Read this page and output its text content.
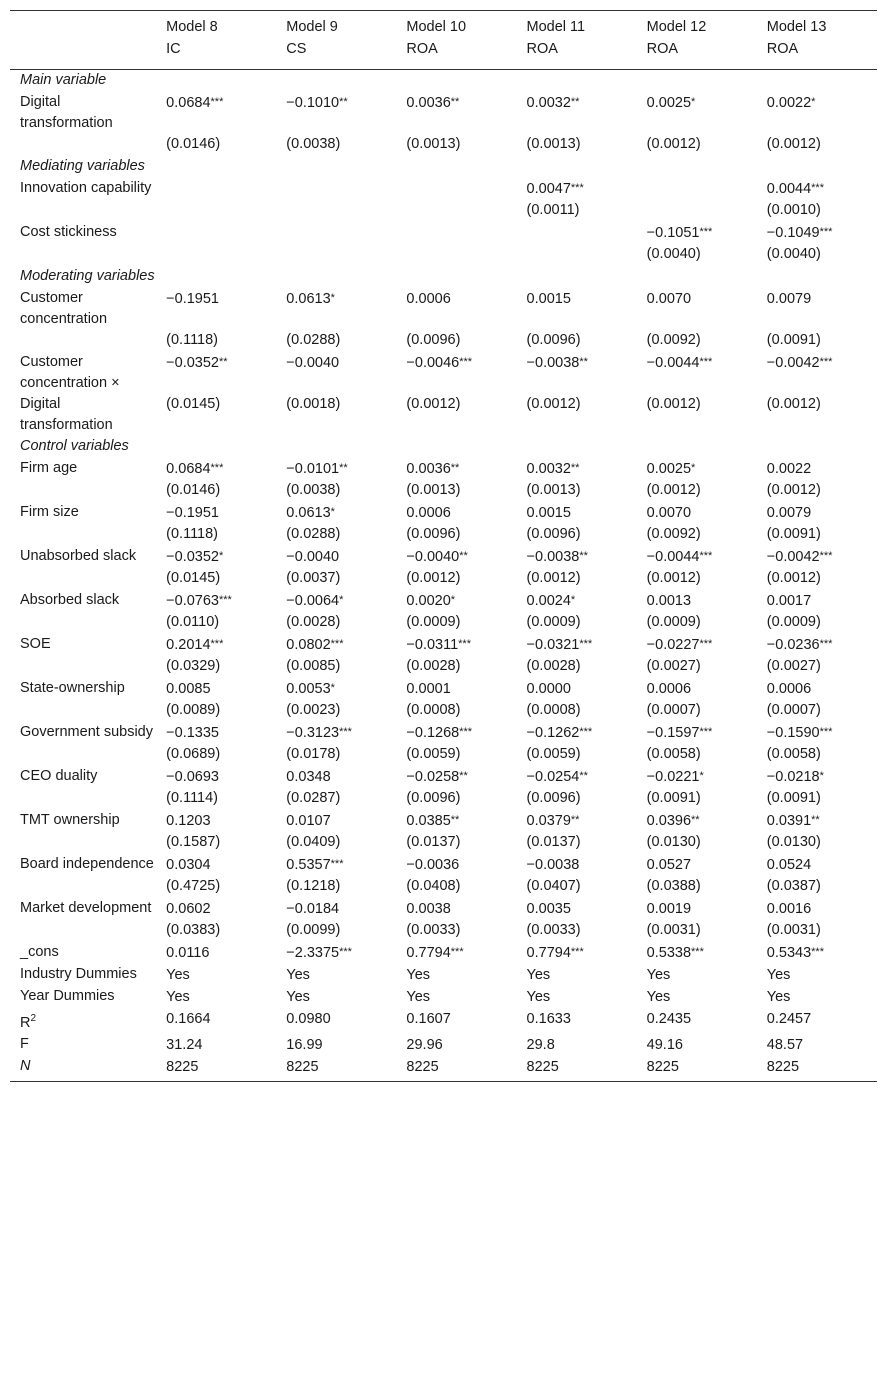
	Model 8	Model 9	Model 10	Model 11	Model 12	Model 13
	IC	CS	ROA	ROA	ROA	ROA
Main variable						
Digital transformation	0.0684***	−0.1010**	0.0036**	0.0032**	0.0025*	0.0022*
	(0.0146)	(0.0038)	(0.0013)	(0.0013)	(0.0012)	(0.0012)
Mediating variables						
Innovation capability				0.0047***		0.0044***
				(0.0011)		(0.0010)
Cost stickiness					−0.1051***	−0.1049***
					(0.0040)	(0.0040)
Moderating variables						
Customer concentration	−0.1951	0.0613*	0.0006	0.0015	0.0070	0.0079
	(0.1118)	(0.0288)	(0.0096)	(0.0096)	(0.0092)	(0.0091)
Customer concentration ×	−0.0352**	−0.0040	−0.0046***	−0.0038**	−0.0044***	−0.0042***
Digital transformation	(0.0145)	(0.0018)	(0.0012)	(0.0012)	(0.0012)	(0.0012)
Control variables						
Firm age	0.0684***	−0.0101**	0.0036**	0.0032**	0.0025*	0.0022
	(0.0146)	(0.0038)	(0.0013)	(0.0013)	(0.0012)	(0.0012)
Firm size	−0.1951	0.0613*	0.0006	0.0015	0.0070	0.0079
	(0.1118)	(0.0288)	(0.0096)	(0.0096)	(0.0092)	(0.0091)
Unabsorbed slack	−0.0352*	−0.0040	−0.0040**	−0.0038**	−0.0044***	−0.0042***
	(0.0145)	(0.0037)	(0.0012)	(0.0012)	(0.0012)	(0.0012)
Absorbed slack	−0.0763***	−0.0064*	0.0020*	0.0024*	0.0013	0.0017
	(0.0110)	(0.0028)	(0.0009)	(0.0009)	(0.0009)	(0.0009)
SOE	0.2014***	0.0802***	−0.0311***	−0.0321***	−0.0227***	−0.0236***
	(0.0329)	(0.0085)	(0.0028)	(0.0028)	(0.0027)	(0.0027)
State-ownership	0.0085	0.0053*	0.0001	0.0000	0.0006	0.0006
	(0.0089)	(0.0023)	(0.0008)	(0.0008)	(0.0007)	(0.0007)
Government subsidy	−0.1335	−0.3123***	−0.1268***	−0.1262***	−0.1597***	−0.1590***
	(0.0689)	(0.0178)	(0.0059)	(0.0059)	(0.0058)	(0.0058)
CEO duality	−0.0693	0.0348	−0.0258**	−0.0254**	−0.0221*	−0.0218*
	(0.1114)	(0.0287)	(0.0096)	(0.0096)	(0.0091)	(0.0091)
TMT ownership	0.1203	0.0107	0.0385**	0.0379**	0.0396**	0.0391**
	(0.1587)	(0.0409)	(0.0137)	(0.0137)	(0.0130)	(0.0130)
Board independence	0.0304	0.5357***	−0.0036	−0.0038	0.0527	0.0524
	(0.4725)	(0.1218)	(0.0408)	(0.0407)	(0.0388)	(0.0387)
Market development	0.0602	−0.0184	0.0038	0.0035	0.0019	0.0016
	(0.0383)	(0.0099)	(0.0033)	(0.0033)	(0.0031)	(0.0031)
_cons	0.0116	−2.3375***	0.7794***	0.7794***	0.5338***	0.5343***
Industry Dummies	Yes	Yes	Yes	Yes	Yes	Yes
Year Dummies	Yes	Yes	Yes	Yes	Yes	Yes
$R^2$	0.1664	0.0980	0.1607	0.1633	0.2435	0.2457
F	31.24	16.99	29.96	29.8	49.16	48.57
N	8225	8225	8225	8225	8225	8225
